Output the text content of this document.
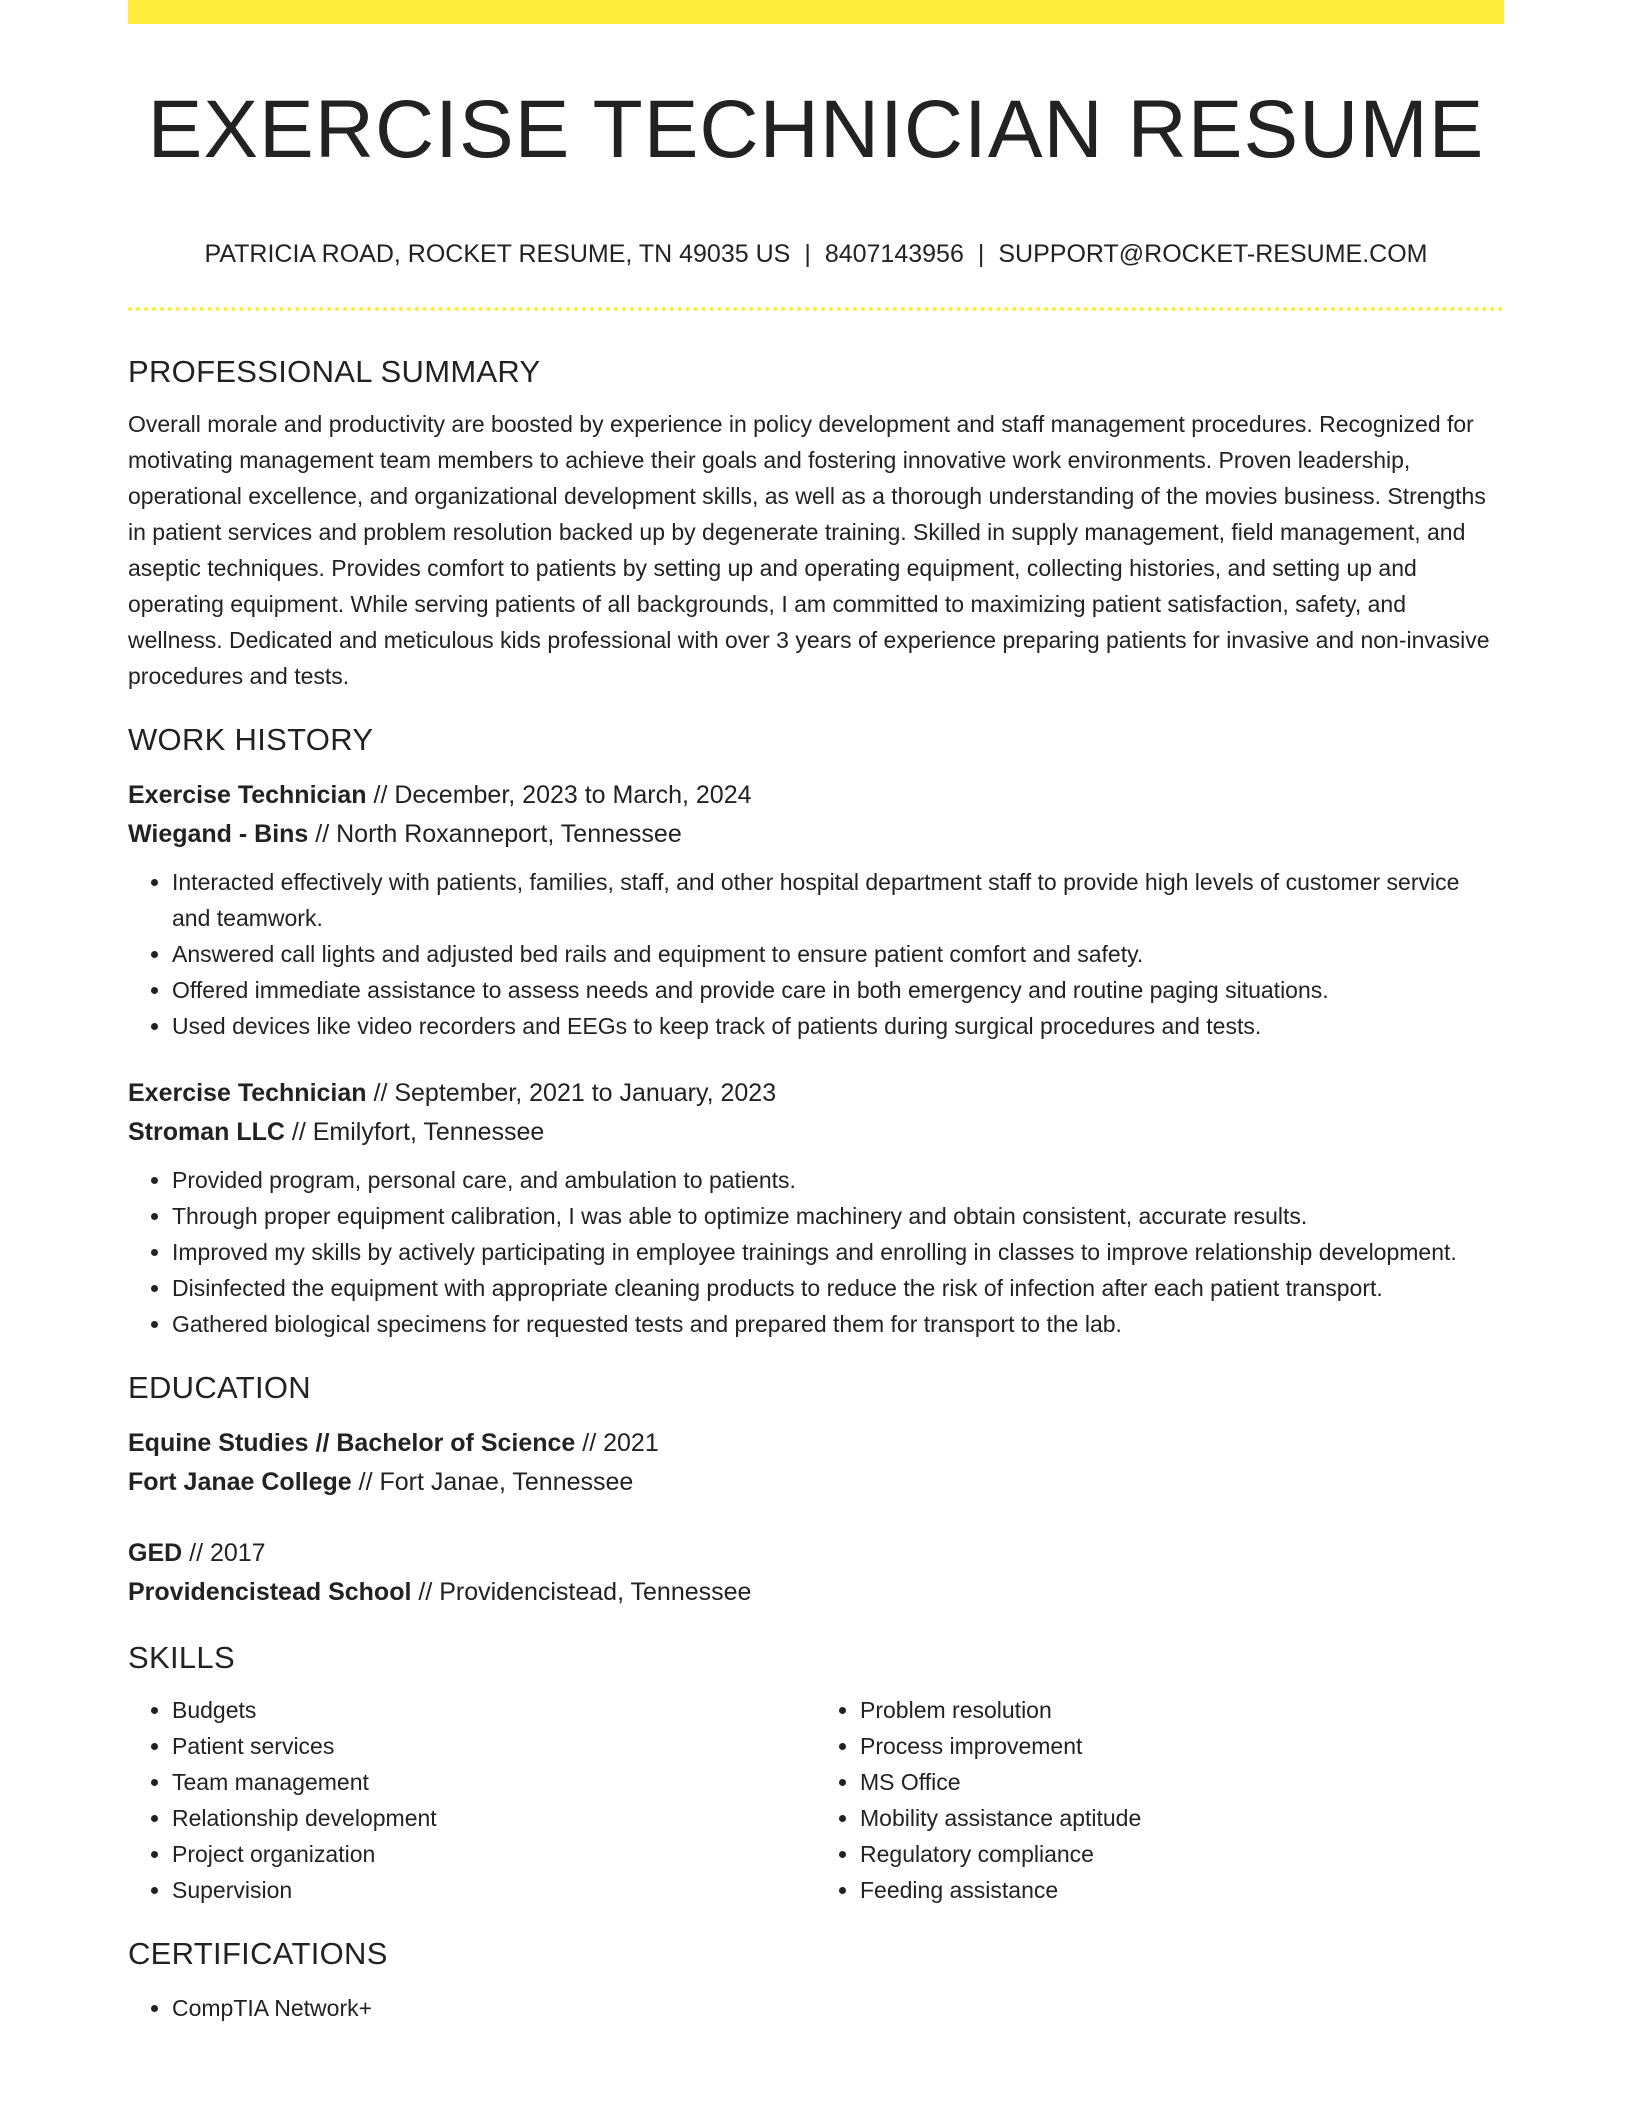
EXERCISE TECHNICIAN RESUME
PATRICIA ROAD, ROCKET RESUME, TN 49035 US | 8407143956 | SUPPORT@ROCKET-RESUME.COM
PROFESSIONAL SUMMARY

Overall morale and productivity are boosted by experience in policy development and staff management procedures. Recognized for motivating management team members to achieve their goals and fostering innovative work environments. Proven leadership, operational excellence, and organizational development skills, as well as a thorough understanding of the movies business. Strengths in patient services and problem resolution backed up by degenerate training. Skilled in supply management, field management, and aseptic techniques. Provides comfort to patients by setting up and operating equipment, collecting histories, and setting up and operating equipment. While serving patients of all backgrounds, I am committed to maximizing patient satisfaction, safety, and wellness. Dedicated and meticulous kids professional with over 3 years of experience preparing patients for invasive and non-invasive procedures and tests.

WORK HISTORY
Exercise Technician // December, 2023 to March, 2024
Wiegand - Bins // North Roxanneport, Tennessee
• Interacted effectively with patients, families, staff, and other hospital department staff to provide high levels of customer service and teamwork.
• Answered call lights and adjusted bed rails and equipment to ensure patient comfort and safety.
• Offered immediate assistance to assess needs and provide care in both emergency and routine paging situations.
• Used devices like video recorders and EEGs to keep track of patients during surgical procedures and tests.
Exercise Technician // September, 2021 to January, 2023
Stroman LLC // Emilyfort, Tennessee
• Provided program, personal care, and ambulation to patients.
• Through proper equipment calibration, I was able to optimize machinery and obtain consistent, accurate results.
• Improved my skills by actively participating in employee trainings and enrolling in classes to improve relationship development.
• Disinfected the equipment with appropriate cleaning products to reduce the risk of infection after each patient transport.
• Gathered biological specimens for requested tests and prepared them for transport to the lab.
EDUCATION
Equine Studies // Bachelor of Science // 2021
Fort Janae College // Fort Janae, Tennessee
GED // 2017
Providencistead School // Providencistead, Tennessee
SKILLS
• Budgets
• Patient services
• Team management
• Relationship development
• Project organization
• Supervision
• Problem resolution
• Process improvement
• MS Office
• Mobility assistance aptitude
• Regulatory compliance
• Feeding assistance
CERTIFICATIONS
• CompTIA Network+
